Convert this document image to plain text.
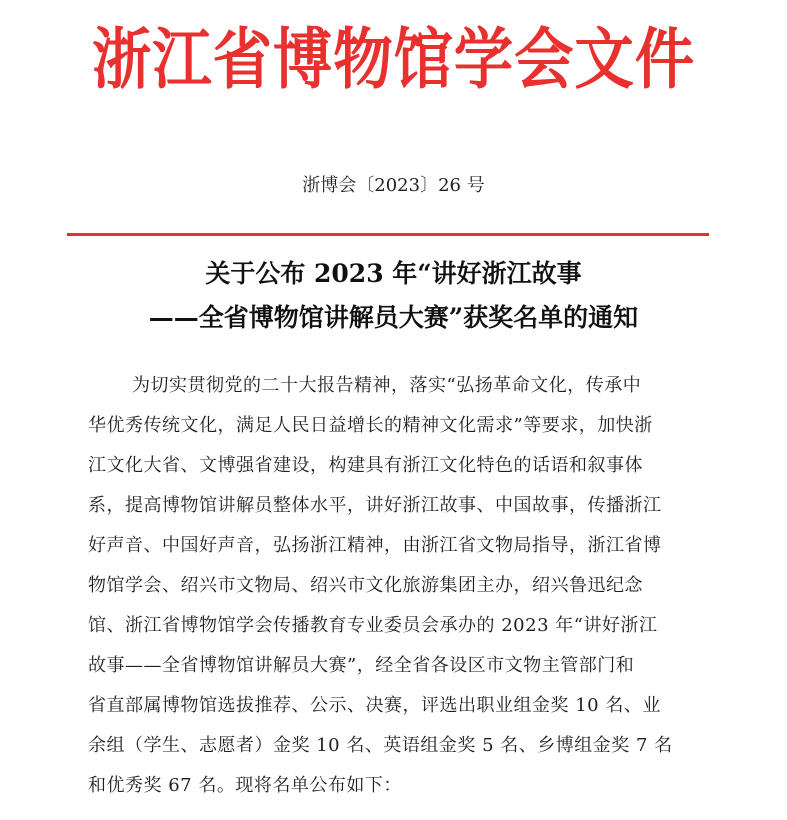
浙江省博物馆学会文件
浙博会〔2023〕26 号
关于公布 2023 年“讲好浙江故事
——全省博物馆讲解员大赛”获奖名单的通知
为切实贯彻党的二十大报告精神，落实“弘扬革命文化，传承中
华优秀传统文化，满足人民日益增长的精神文化需求”等要求，加快浙
江文化大省、文博强省建设，构建具有浙江文化特色的话语和叙事体
系，提高博物馆讲解员整体水平，讲好浙江故事、中国故事，传播浙江
好声音、中国好声音，弘扬浙江精神，由浙江省文物局指导，浙江省博
物馆学会、绍兴市文物局、绍兴市文化旅游集团主办，绍兴鲁迅纪念
馆、浙江省博物馆学会传播教育专业委员会承办的 2023 年“讲好浙江
故事——全省博物馆讲解员大赛”，经全省各设区市文物主管部门和
省直部属博物馆选拔推荐、公示、决赛，评选出职业组金奖 10 名、业
余组（学生、志愿者）金奖 10 名、英语组金奖 5 名、乡博组金奖 7 名
和优秀奖 67 名。现将名单公布如下：
